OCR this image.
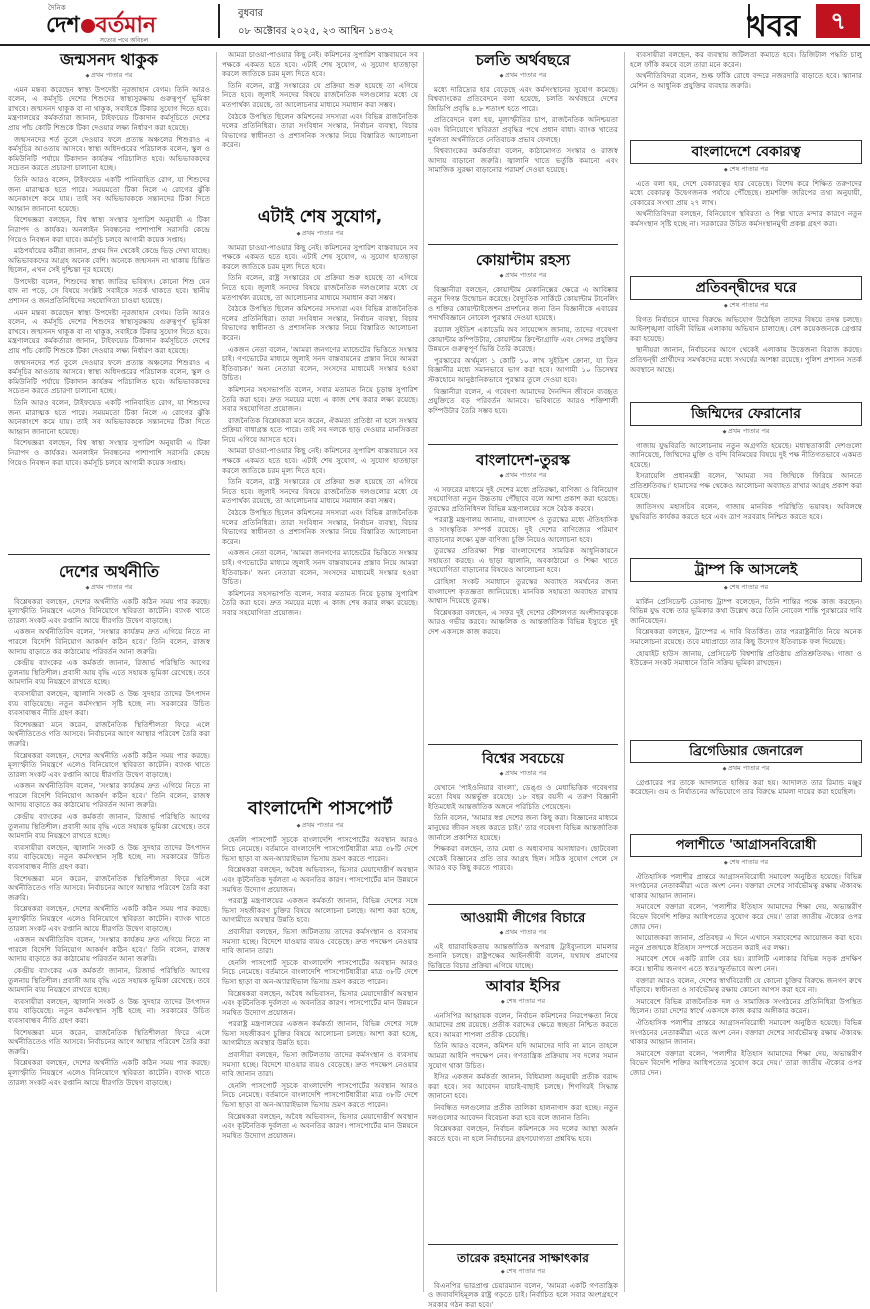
দৈনিক
দেশ বর্তমান
সত্যের পথে অবিচল
বুধবার
০৮ অক্টোবর ২০২৫, ২৩ আশ্বিন ১৪৩২	খবর	৭
জন্মসনদ থাকুক
◆ প্রথম পাতার পর

এমন মন্তব্য করেছেন স্বাস্থ্য উপদেষ্টা নূরজাহান বেগম। তিনি আরও বলেন, এ কর্মসূচি দেশের শিশুদের স্বাস্থ্যসুরক্ষায় গুরুত্বপূর্ণ ভূমিকা রাখবে। জন্মসনদ থাকুক বা না থাকুক, সবাইকে টিকার সুযোগ দিতে হবে। মন্ত্রণালয়ের কর্মকর্তারা জানান, টাইফয়েড টিকাদান কর্মসূচিতে দেশের প্রায় পাঁচ কোটি শিশুকে টিকা দেওয়ার লক্ষ্য নির্ধারণ করা হয়েছে।

জন্মসনদের শর্ত তুলে দেওয়ার ফলে প্রত্যন্ত অঞ্চলের শিশুরাও এ কর্মসূচির আওতায় আসবে। স্বাস্থ্য অধিদপ্তরের পরিচালক বলেন, স্কুল ও কমিউনিটি পর্যায়ে টিকাদান কার্যক্রম পরিচালিত হবে। অভিভাবকদের সচেতন করতে প্রচারণা চালানো হচ্ছে।

তিনি আরও বলেন, টাইফয়েড একটি পানিবাহিত রোগ, যা শিশুদের জন্য মারাত্মক হতে পারে। সময়মতো টিকা নিলে এ রোগের ঝুঁকি অনেকাংশে কমে যায়। তাই সব অভিভাবককে সন্তানদের টিকা দিতে আহ্বান জানানো হয়েছে।

বিশেষজ্ঞরা বলছেন, বিশ্ব স্বাস্থ্য সংস্থার সুপারিশ অনুযায়ী এ টিকা নিরাপদ ও কার্যকর। অনলাইন নিবন্ধনের পাশাপাশি সরাসরি কেন্দ্রে গিয়েও নিবন্ধন করা যাবে। কর্মসূচি চলবে আগামী কয়েক সপ্তাহ।

মাঠপর্যায়ের কর্মীরা জানান, প্রথম দিন থেকেই কেন্দ্রে ভিড় দেখা যাচ্ছে। অভিভাবকদের আগ্রহ অনেক বেশি। অনেকে জন্মসনদ না থাকায় চিন্তিত ছিলেন, এখন সেই দুশ্চিন্তা দূর হয়েছে।

উপদেষ্টা বলেন, শিশুদের স্বাস্থ্য জাতির ভবিষ্যৎ। কোনো শিশু যেন বাদ না পড়ে, সে বিষয়ে সংশ্লিষ্ট সবাইকে সতর্ক থাকতে হবে। স্থানীয় প্রশাসন ও জনপ্রতিনিধিদের সহযোগিতা চাওয়া হয়েছে।

এমন মন্তব্য করেছেন স্বাস্থ্য উপদেষ্টা নূরজাহান বেগম। তিনি আরও বলেন, এ কর্মসূচি দেশের শিশুদের স্বাস্থ্যসুরক্ষায় গুরুত্বপূর্ণ ভূমিকা রাখবে। জন্মসনদ থাকুক বা না থাকুক, সবাইকে টিকার সুযোগ দিতে হবে। মন্ত্রণালয়ের কর্মকর্তারা জানান, টাইফয়েড টিকাদান কর্মসূচিতে দেশের প্রায় পাঁচ কোটি শিশুকে টিকা দেওয়ার লক্ষ্য নির্ধারণ করা হয়েছে।

জন্মসনদের শর্ত তুলে দেওয়ার ফলে প্রত্যন্ত অঞ্চলের শিশুরাও এ কর্মসূচির আওতায় আসবে। স্বাস্থ্য অধিদপ্তরের পরিচালক বলেন, স্কুল ও কমিউনিটি পর্যায়ে টিকাদান কার্যক্রম পরিচালিত হবে। অভিভাবকদের সচেতন করতে প্রচারণা চালানো হচ্ছে।

তিনি আরও বলেন, টাইফয়েড একটি পানিবাহিত রোগ, যা শিশুদের জন্য মারাত্মক হতে পারে। সময়মতো টিকা নিলে এ রোগের ঝুঁকি অনেকাংশে কমে যায়। তাই সব অভিভাবককে সন্তানদের টিকা দিতে আহ্বান জানানো হয়েছে।

বিশেষজ্ঞরা বলছেন, বিশ্ব স্বাস্থ্য সংস্থার সুপারিশ অনুযায়ী এ টিকা নিরাপদ ও কার্যকর। অনলাইন নিবন্ধনের পাশাপাশি সরাসরি কেন্দ্রে গিয়েও নিবন্ধন করা যাবে। কর্মসূচি চলবে আগামী কয়েক সপ্তাহ।

দেশের অর্থনীতি
◆ প্রথম পাতার পর

বিশ্লেষকরা বলছেন, দেশের অর্থনীতি একটি কঠিন সময় পার করছে। মূল্যস্ফীতি নিয়ন্ত্রণে এলেও বিনিয়োগে স্থবিরতা কাটেনি। ব্যাংক খাতে তারল্য সংকট এবং রপ্তানি আয়ে ধীরগতি উদ্বেগ বাড়াচ্ছে।

একজন অর্থনীতিবিদ বলেন, 'সংস্কার কার্যক্রম দ্রুত এগিয়ে নিতে না পারলে বিদেশি বিনিয়োগ আকর্ষণ কঠিন হবে।' তিনি বলেন, রাজস্ব আদায় বাড়াতে কর কাঠামোয় পরিবর্তন আনা জরুরি।

কেন্দ্রীয় ব্যাংকের এক কর্মকর্তা জানান, রিজার্ভ পরিস্থিতি আগের তুলনায় স্থিতিশীল। প্রবাসী আয় বৃদ্ধি এতে সহায়ক ভূমিকা রেখেছে। তবে আমদানি ব্যয় নিয়ন্ত্রণে রাখতে হচ্ছে।

ব্যবসায়ীরা বলছেন, জ্বালানি সংকট ও উচ্চ সুদহার তাদের উৎপাদন ব্যয় বাড়িয়েছে। নতুন কর্মসংস্থান সৃষ্টি হচ্ছে না। সরকারের উচিত ব্যবসাবান্ধব নীতি গ্রহণ করা।

বিশেষজ্ঞরা মনে করেন, রাজনৈতিক স্থিতিশীলতা ফিরে এলে অর্থনীতিতেও গতি আসবে। নির্বাচনের আগে আস্থার পরিবেশ তৈরি করা জরুরি।

বিশ্লেষকরা বলছেন, দেশের অর্থনীতি একটি কঠিন সময় পার করছে। মূল্যস্ফীতি নিয়ন্ত্রণে এলেও বিনিয়োগে স্থবিরতা কাটেনি। ব্যাংক খাতে তারল্য সংকট এবং রপ্তানি আয়ে ধীরগতি উদ্বেগ বাড়াচ্ছে।

একজন অর্থনীতিবিদ বলেন, 'সংস্কার কার্যক্রম দ্রুত এগিয়ে নিতে না পারলে বিদেশি বিনিয়োগ আকর্ষণ কঠিন হবে।' তিনি বলেন, রাজস্ব আদায় বাড়াতে কর কাঠামোয় পরিবর্তন আনা জরুরি।

কেন্দ্রীয় ব্যাংকের এক কর্মকর্তা জানান, রিজার্ভ পরিস্থিতি আগের তুলনায় স্থিতিশীল। প্রবাসী আয় বৃদ্ধি এতে সহায়ক ভূমিকা রেখেছে। তবে আমদানি ব্যয় নিয়ন্ত্রণে রাখতে হচ্ছে।

ব্যবসায়ীরা বলছেন, জ্বালানি সংকট ও উচ্চ সুদহার তাদের উৎপাদন ব্যয় বাড়িয়েছে। নতুন কর্মসংস্থান সৃষ্টি হচ্ছে না। সরকারের উচিত ব্যবসাবান্ধব নীতি গ্রহণ করা।

বিশেষজ্ঞরা মনে করেন, রাজনৈতিক স্থিতিশীলতা ফিরে এলে অর্থনীতিতেও গতি আসবে। নির্বাচনের আগে আস্থার পরিবেশ তৈরি করা জরুরি।

বিশ্লেষকরা বলছেন, দেশের অর্থনীতি একটি কঠিন সময় পার করছে। মূল্যস্ফীতি নিয়ন্ত্রণে এলেও বিনিয়োগে স্থবিরতা কাটেনি। ব্যাংক খাতে তারল্য সংকট এবং রপ্তানি আয়ে ধীরগতি উদ্বেগ বাড়াচ্ছে।

একজন অর্থনীতিবিদ বলেন, 'সংস্কার কার্যক্রম দ্রুত এগিয়ে নিতে না পারলে বিদেশি বিনিয়োগ আকর্ষণ কঠিন হবে।' তিনি বলেন, রাজস্ব আদায় বাড়াতে কর কাঠামোয় পরিবর্তন আনা জরুরি।

কেন্দ্রীয় ব্যাংকের এক কর্মকর্তা জানান, রিজার্ভ পরিস্থিতি আগের তুলনায় স্থিতিশীল। প্রবাসী আয় বৃদ্ধি এতে সহায়ক ভূমিকা রেখেছে। তবে আমদানি ব্যয় নিয়ন্ত্রণে রাখতে হচ্ছে।

ব্যবসায়ীরা বলছেন, জ্বালানি সংকট ও উচ্চ সুদহার তাদের উৎপাদন ব্যয় বাড়িয়েছে। নতুন কর্মসংস্থান সৃষ্টি হচ্ছে না। সরকারের উচিত ব্যবসাবান্ধব নীতি গ্রহণ করা।

বিশেষজ্ঞরা মনে করেন, রাজনৈতিক স্থিতিশীলতা ফিরে এলে অর্থনীতিতেও গতি আসবে। নির্বাচনের আগে আস্থার পরিবেশ তৈরি করা জরুরি।

বিশ্লেষকরা বলছেন, দেশের অর্থনীতি একটি কঠিন সময় পার করছে। মূল্যস্ফীতি নিয়ন্ত্রণে এলেও বিনিয়োগে স্থবিরতা কাটেনি। ব্যাংক খাতে তারল্য সংকট এবং রপ্তানি আয়ে ধীরগতি উদ্বেগ বাড়াচ্ছে।

আমরা চাওয়া-পাওয়ার কিছু নেই। কমিশনের সুপারিশ বাস্তবায়নে সব পক্ষকে একমত হতে হবে। এটাই শেষ সুযোগ, এ সুযোগ হাতছাড়া করলে জাতিকে চরম মূল্য দিতে হবে।

তিনি বলেন, রাষ্ট্র সংস্কারের যে প্রক্রিয়া শুরু হয়েছে তা এগিয়ে নিতে হবে। জুলাই সনদের বিষয়ে রাজনৈতিক দলগুলোর মধ্যে যে মতপার্থক্য রয়েছে, তা আলোচনার মাধ্যমে সমাধান করা সম্ভব।

বৈঠকে উপস্থিত ছিলেন কমিশনের সদস্যরা এবং বিভিন্ন রাজনৈতিক দলের প্রতিনিধিরা। তারা সংবিধান সংস্কার, নির্বাচন ব্যবস্থা, বিচার বিভাগের স্বাধীনতা ও প্রশাসনিক সংস্কার নিয়ে বিস্তারিত আলোচনা করেন।

এটাই শেষ সুযোগ,
◆ প্রথম পাতার পর

আমরা চাওয়া-পাওয়ার কিছু নেই। কমিশনের সুপারিশ বাস্তবায়নে সব পক্ষকে একমত হতে হবে। এটাই শেষ সুযোগ, এ সুযোগ হাতছাড়া করলে জাতিকে চরম মূল্য দিতে হবে।

তিনি বলেন, রাষ্ট্র সংস্কারের যে প্রক্রিয়া শুরু হয়েছে তা এগিয়ে নিতে হবে। জুলাই সনদের বিষয়ে রাজনৈতিক দলগুলোর মধ্যে যে মতপার্থক্য রয়েছে, তা আলোচনার মাধ্যমে সমাধান করা সম্ভব।

বৈঠকে উপস্থিত ছিলেন কমিশনের সদস্যরা এবং বিভিন্ন রাজনৈতিক দলের প্রতিনিধিরা। তারা সংবিধান সংস্কার, নির্বাচন ব্যবস্থা, বিচার বিভাগের স্বাধীনতা ও প্রশাসনিক সংস্কার নিয়ে বিস্তারিত আলোচনা করেন।

একজন নেতা বলেন, 'আমরা জনগণের ম্যান্ডেটের ভিত্তিতে সংস্কার চাই। গণভোটের মাধ্যমে জুলাই সনদ বাস্তবায়নের প্রস্তাব নিয়ে আমরা ইতিবাচক।' অন্য নেতারা বলেন, সংসদের মাধ্যমেই সংস্কার হওয়া উচিত।

কমিশনের সহসভাপতি বলেন, সবার মতামত নিয়ে চূড়ান্ত সুপারিশ তৈরি করা হবে। দ্রুত সময়ের মধ্যে এ কাজ শেষ করার লক্ষ্য রয়েছে। সবার সহযোগিতা প্রয়োজন।

রাজনৈতিক বিশ্লেষকরা মনে করেন, ঐকমত্য প্রতিষ্ঠা না হলে সংস্কার প্রক্রিয়া বাধাগ্রস্ত হতে পারে। তাই সব দলকে ছাড় দেওয়ার মানসিকতা নিয়ে এগিয়ে আসতে হবে।

আমরা চাওয়া-পাওয়ার কিছু নেই। কমিশনের সুপারিশ বাস্তবায়নে সব পক্ষকে একমত হতে হবে। এটাই শেষ সুযোগ, এ সুযোগ হাতছাড়া করলে জাতিকে চরম মূল্য দিতে হবে।

তিনি বলেন, রাষ্ট্র সংস্কারের যে প্রক্রিয়া শুরু হয়েছে তা এগিয়ে নিতে হবে। জুলাই সনদের বিষয়ে রাজনৈতিক দলগুলোর মধ্যে যে মতপার্থক্য রয়েছে, তা আলোচনার মাধ্যমে সমাধান করা সম্ভব।

বৈঠকে উপস্থিত ছিলেন কমিশনের সদস্যরা এবং বিভিন্ন রাজনৈতিক দলের প্রতিনিধিরা। তারা সংবিধান সংস্কার, নির্বাচন ব্যবস্থা, বিচার বিভাগের স্বাধীনতা ও প্রশাসনিক সংস্কার নিয়ে বিস্তারিত আলোচনা করেন।

একজন নেতা বলেন, 'আমরা জনগণের ম্যান্ডেটের ভিত্তিতে সংস্কার চাই। গণভোটের মাধ্যমে জুলাই সনদ বাস্তবায়নের প্রস্তাব নিয়ে আমরা ইতিবাচক।' অন্য নেতারা বলেন, সংসদের মাধ্যমেই সংস্কার হওয়া উচিত।

কমিশনের সহসভাপতি বলেন, সবার মতামত নিয়ে চূড়ান্ত সুপারিশ তৈরি করা হবে। দ্রুত সময়ের মধ্যে এ কাজ শেষ করার লক্ষ্য রয়েছে। সবার সহযোগিতা প্রয়োজন।

বাংলাদেশি পাসপোর্ট
◆ প্রথম পাতার পর

হেনলি পাসপোর্ট সূচকে বাংলাদেশি পাসপোর্টের অবস্থান আরও নিচে নেমেছে। বর্তমানে বাংলাদেশি পাসপোর্টধারীরা মাত্র ৩৮টি দেশে ভিসা ছাড়া বা অন-অ্যারাইভাল ভিসায় ভ্রমণ করতে পারেন।

বিশ্লেষকরা বলছেন, অবৈধ অভিবাসন, ভিসার মেয়াদোত্তীর্ণ অবস্থান এবং কূটনৈতিক দুর্বলতা এ অবনতির কারণ। পাসপোর্টের মান উন্নয়নে সমন্বিত উদ্যোগ প্রয়োজন।

পররাষ্ট্র মন্ত্রণালয়ের একজন কর্মকর্তা জানান, বিভিন্ন দেশের সঙ্গে ভিসা সহজীকরণ চুক্তির বিষয়ে আলোচনা চলছে। আশা করা হচ্ছে, আগামীতে অবস্থার উন্নতি হবে।

প্রবাসীরা বলছেন, ভিসা জটিলতায় তাদের কর্মসংস্থান ও ব্যবসায় সমস্যা হচ্ছে। বিদেশে যাওয়ার ব্যয়ও বেড়েছে। দ্রুত পদক্ষেপ নেওয়ার দাবি জানান তারা।

হেনলি পাসপোর্ট সূচকে বাংলাদেশি পাসপোর্টের অবস্থান আরও নিচে নেমেছে। বর্তমানে বাংলাদেশি পাসপোর্টধারীরা মাত্র ৩৮টি দেশে ভিসা ছাড়া বা অন-অ্যারাইভাল ভিসায় ভ্রমণ করতে পারেন।

বিশ্লেষকরা বলছেন, অবৈধ অভিবাসন, ভিসার মেয়াদোত্তীর্ণ অবস্থান এবং কূটনৈতিক দুর্বলতা এ অবনতির কারণ। পাসপোর্টের মান উন্নয়নে সমন্বিত উদ্যোগ প্রয়োজন।

পররাষ্ট্র মন্ত্রণালয়ের একজন কর্মকর্তা জানান, বিভিন্ন দেশের সঙ্গে ভিসা সহজীকরণ চুক্তির বিষয়ে আলোচনা চলছে। আশা করা হচ্ছে, আগামীতে অবস্থার উন্নতি হবে।

প্রবাসীরা বলছেন, ভিসা জটিলতায় তাদের কর্মসংস্থান ও ব্যবসায় সমস্যা হচ্ছে। বিদেশে যাওয়ার ব্যয়ও বেড়েছে। দ্রুত পদক্ষেপ নেওয়ার দাবি জানান তারা।

হেনলি পাসপোর্ট সূচকে বাংলাদেশি পাসপোর্টের অবস্থান আরও নিচে নেমেছে। বর্তমানে বাংলাদেশি পাসপোর্টধারীরা মাত্র ৩৮টি দেশে ভিসা ছাড়া বা অন-অ্যারাইভাল ভিসায় ভ্রমণ করতে পারেন।

বিশ্লেষকরা বলছেন, অবৈধ অভিবাসন, ভিসার মেয়াদোত্তীর্ণ অবস্থান এবং কূটনৈতিক দুর্বলতা এ অবনতির কারণ। পাসপোর্টের মান উন্নয়নে সমন্বিত উদ্যোগ প্রয়োজন।

চলতি অর্থবছরে
◆ প্রথম পাতার পর

মধ্যে দারিদ্র্যের হার বেড়েছে এবং কর্মসংস্থানের সুযোগ কমেছে। বিশ্বব্যাংকের প্রতিবেদনে বলা হয়েছে, চলতি অর্থবছরে দেশের জিডিপি প্রবৃদ্ধি ৪.৮ শতাংশ হতে পারে।

প্রতিবেদনে বলা হয়, মূল্যস্ফীতির চাপ, রাজনৈতিক অনিশ্চয়তা এবং বিনিয়োগে স্থবিরতা প্রবৃদ্ধির পথে প্রধান বাধা। ব্যাংক খাতের দুর্বলতা অর্থনীতিতে নেতিবাচক প্রভাব ফেলছে।

বিশ্বব্যাংকের কর্মকর্তারা বলেন, কাঠামোগত সংস্কার ও রাজস্ব আদায় বাড়ানো জরুরি। জ্বালানি খাতে ভর্তুকি কমানো এবং সামাজিক সুরক্ষা বাড়ানোর পরামর্শ দেওয়া হয়েছে।

কোয়ান্টাম রহস্য
◆ প্রথম পাতার পর

বিজ্ঞানীরা বলছেন, কোয়ান্টাম মেকানিক্সের ক্ষেত্রে এ আবিষ্কার নতুন দিগন্ত উন্মোচন করেছে। বৈদ্যুতিক সার্কিটে কোয়ান্টাম টানেলিং ও শক্তির কোয়ান্টাইজেশন প্রদর্শনের জন্য তিন বিজ্ঞানীকে এবারের পদার্থবিজ্ঞানে নোবেল পুরস্কার দেওয়া হয়েছে।

রয়্যাল সুইডিশ একাডেমি অব সায়েন্সেস জানায়, তাদের গবেষণা কোয়ান্টাম কম্পিউটার, কোয়ান্টাম ক্রিপ্টোগ্রাফি এবং সেন্সর প্রযুক্তির উন্নয়নে গুরুত্বপূর্ণ ভিত্তি তৈরি করেছে।

পুরস্কারের অর্থমূল্য ১ কোটি ১০ লাখ সুইডিশ ক্রোনা, যা তিন বিজ্ঞানীর মধ্যে সমানভাবে ভাগ করা হবে। আগামী ১০ ডিসেম্বর স্টকহোমে আনুষ্ঠানিকভাবে পুরস্কার তুলে দেওয়া হবে।

বিজ্ঞানীরা বলেন, এ গবেষণা আমাদের দৈনন্দিন জীবনে ব্যবহৃত প্রযুক্তিতে বড় পরিবর্তন আনবে। ভবিষ্যতে আরও শক্তিশালী কম্পিউটার তৈরি সম্ভব হবে।

বাংলাদেশ-তুরস্ক
◆ প্রথম পাতার পর

এ সফরের মাধ্যমে দুই দেশের মধ্যে প্রতিরক্ষা, বাণিজ্য ও বিনিয়োগ সহযোগিতা নতুন উচ্চতায় পৌঁছাবে বলে আশা প্রকাশ করা হয়েছে। তুরস্কের প্রতিনিধিদল বিভিন্ন মন্ত্রণালয়ের সঙ্গে বৈঠক করবে।

পররাষ্ট্র মন্ত্রণালয় জানায়, বাংলাদেশ ও তুরস্কের মধ্যে ঐতিহাসিক ও সাংস্কৃতিক সম্পর্ক রয়েছে। দুই দেশের বাণিজ্যের পরিমাণ বাড়ানোর লক্ষ্যে মুক্ত বাণিজ্য চুক্তি নিয়েও আলোচনা হবে।

তুরস্কের প্রতিরক্ষা শিল্প বাংলাদেশের সামরিক আধুনিকায়নে সহায়তা করছে। এ ছাড়া জ্বালানি, অবকাঠামো ও শিক্ষা খাতে সহযোগিতা বাড়ানোর বিষয়েও আলোচনা হবে।

রোহিঙ্গা সংকট সমাধানে তুরস্কের অব্যাহত সমর্থনের জন্য বাংলাদেশ কৃতজ্ঞতা জানিয়েছে। মানবিক সহায়তা অব্যাহত রাখার আশ্বাস দিয়েছে তুরস্ক।

বিশ্লেষকরা বলছেন, এ সফর দুই দেশের কৌশলগত অংশীদারত্বকে আরও গভীর করবে। আঞ্চলিক ও আন্তর্জাতিক বিভিন্ন ইস্যুতে দুই দেশ একসঙ্গে কাজ করবে।

বিশ্বের সবচেয়ে
◆ প্রথম পাতার পর

যেখানে 'পাইওনিয়ার বাংলা', ডেঙ্গু ও মেধাভিত্তিক গবেষণার মতো বিষয় অন্তর্ভুক্ত রয়েছে। ১৮ বছর বয়সী এ তরুণ বিজ্ঞানী ইতিমধ্যেই আন্তর্জাতিক অঙ্গনে পরিচিতি পেয়েছেন।

তিনি বলেন, 'আমার স্বপ্ন দেশের জন্য কিছু করা। বিজ্ঞানের মাধ্যমে মানুষের জীবন সহজ করতে চাই।' তার গবেষণা বিভিন্ন আন্তর্জাতিক জার্নালে প্রকাশিত হয়েছে।

শিক্ষকরা বলছেন, তার মেধা ও অধ্যবসায় অসাধারণ। ছোটবেলা থেকেই বিজ্ঞানের প্রতি তার আগ্রহ ছিল। সঠিক সুযোগ পেলে সে আরও বড় কিছু করতে পারবে।

আওয়ামী লীগের বিচারে
◆ প্রথম পাতার পর

এই ধারাবাহিকতায় আন্তর্জাতিক অপরাধ ট্রাইব্যুনালে মামলার শুনানি চলছে। রাষ্ট্রপক্ষের আইনজীবী বলেন, যথাযথ প্রমাণের ভিত্তিতে বিচার প্রক্রিয়া এগিয়ে যাচ্ছে।

আবার ইসির
◆ শেষ পাতার পর

এনসিপির আহ্বায়ক বলেন, নির্বাচন কমিশনের নিরপেক্ষতা নিয়ে আমাদের প্রশ্ন রয়েছে। প্রতীক বরাদ্দের ক্ষেত্রে স্বচ্ছতা নিশ্চিত করতে হবে। আমরা শাপলা প্রতীক চেয়েছি।

তিনি আরও বলেন, কমিশন যদি আমাদের দাবি না মানে তাহলে আমরা আইনি পদক্ষেপ নেব। গণতান্ত্রিক প্রক্রিয়ায় সব দলের সমান সুযোগ থাকা উচিত।

ইসির একজন কর্মকর্তা জানান, বিধিমালা অনুযায়ী প্রতীক বরাদ্দ করা হবে। সব আবেদন যাচাই-বাছাই চলছে। শিগগিরই সিদ্ধান্ত জানানো হবে।

নিবন্ধিত দলগুলোর প্রতীক তালিকা হালনাগাদ করা হচ্ছে। নতুন দলগুলোর আবেদন বিবেচনা করা হবে বলে জানান তিনি।

বিশ্লেষকরা বলছেন, নির্বাচন কমিশনকে সব দলের আস্থা অর্জন করতে হবে। না হলে নির্বাচনের গ্রহণযোগ্যতা প্রশ্নবিদ্ধ হবে।

তারেক রহমানের সাক্ষাৎকার
◆ শেষ পাতার পর

বিএনপির ভারপ্রাপ্ত চেয়ারম্যান বলেন, 'আমরা একটি গণতান্ত্রিক ও জবাবদিহিমূলক রাষ্ট্র গড়তে চাই। নির্বাচিত হলে সবার অংশগ্রহণে সরকার গঠন করা হবে।'

ব্যবসায়ীরা বলছেন, কর ব্যবস্থায় জটিলতা কমাতে হবে। ডিজিটাল পদ্ধতি চালু হলে ফাঁকি কমবে বলে তারা মনে করেন।

অর্থনীতিবিদরা বলেন, শুল্ক ফাঁকি রোধে বন্দরে নজরদারি বাড়াতে হবে। স্ক্যানার মেশিন ও আধুনিক প্রযুক্তির ব্যবহার জরুরি।

বাংলাদেশে বেকারত্ব
◆ শেষ পাতার পর

এতে বলা হয়, দেশে বেকারত্বের হার বেড়েছে। বিশেষ করে শিক্ষিত তরুণদের মধ্যে বেকারত্ব উদ্বেগজনক পর্যায়ে পৌঁছেছে। শ্রমশক্তি জরিপের তথ্য অনুযায়ী, বেকারের সংখ্যা প্রায় ২৭ লাখ।

অর্থনীতিবিদরা বলছেন, বিনিয়োগে স্থবিরতা ও শিল্প খাতে মন্দার কারণে নতুন কর্মসংস্থান সৃষ্টি হচ্ছে না। সরকারের উচিত কর্মসংস্থানমুখী প্রকল্প গ্রহণ করা।

প্রতিবন্দ্বীদের ঘরে
◆ শেষ পাতার পর

বিগত নির্বাচনে যাদের বিরুদ্ধে অভিযোগ উঠেছিল তাদের বিষয়ে তদন্ত চলছে। আইনশৃঙ্খলা বাহিনী বিভিন্ন এলাকায় অভিযান চালাচ্ছে। বেশ কয়েকজনকে গ্রেপ্তার করা হয়েছে।

স্থানীয়রা জানান, নির্বাচনের আগে থেকেই এলাকায় উত্তেজনা বিরাজ করছে। প্রতিদ্বন্দ্বী প্রার্থীদের সমর্থকদের মধ্যে সংঘর্ষের আশঙ্কা রয়েছে। পুলিশ প্রশাসন সতর্ক অবস্থানে আছে।

জিম্মিদের ফেরানোর
◆ প্রথম পাতার পর

গাজায় যুদ্ধবিরতি আলোচনায় নতুন অগ্রগতি হয়েছে। মধ্যস্থতাকারী দেশগুলো জানিয়েছে, জিম্মিদের মুক্তি ও বন্দি বিনিময়ের বিষয়ে দুই পক্ষ নীতিগতভাবে একমত হয়েছে।

ইসরায়েলি প্রধানমন্ত্রী বলেন, 'আমরা সব জিম্মিকে ফিরিয়ে আনতে প্রতিশ্রুতিবদ্ধ।' হামাসের পক্ষ থেকেও আলোচনা অব্যাহত রাখার আগ্রহ প্রকাশ করা হয়েছে।

জাতিসংঘ মহাসচিব বলেন, গাজায় মানবিক পরিস্থিতি ভয়াবহ। অবিলম্বে যুদ্ধবিরতি কার্যকর করতে হবে এবং ত্রাণ সরবরাহ নিশ্চিত করতে হবে।

ট্রাম্প কি আসলেই
◆ শেষ পাতার পর

মার্কিন প্রেসিডেন্ট ডোনাল্ড ট্রাম্প বলেছেন, তিনি শান্তির পক্ষে কাজ করছেন। বিভিন্ন যুদ্ধ বন্ধে তার ভূমিকার কথা উল্লেখ করে তিনি নোবেল শান্তি পুরস্কারের দাবি জানিয়েছেন।

বিশ্লেষকরা বলছেন, ট্রাম্পের এ দাবি বিতর্কিত। তার পররাষ্ট্রনীতি নিয়ে অনেক সমালোচনা রয়েছে। তবে মধ্যপ্রাচ্যে তার কিছু উদ্যোগ ইতিবাচক ফল দিয়েছে।

হোয়াইট হাউস জানায়, প্রেসিডেন্ট বিশ্বশান্তি প্রতিষ্ঠায় প্রতিশ্রুতিবদ্ধ। গাজা ও ইউক্রেন সংকট সমাধানে তিনি সক্রিয় ভূমিকা রাখছেন।

ব্রিগেডিয়ার জেনারেল
◆ প্রথম পাতার পর

গ্রেপ্তারের পর তাকে আদালতে হাজির করা হয়। আদালত তার রিমান্ড মঞ্জুর করেছেন। গুম ও নির্যাতনের অভিযোগে তার বিরুদ্ধে মামলা দায়ের করা হয়েছিল।

পলাশীতে 'আগ্রাসনবিরোধী
◆ শেষ পাতার পর

ঐতিহাসিক পলাশীর প্রান্তরে আগ্রাসনবিরোধী সমাবেশ অনুষ্ঠিত হয়েছে। বিভিন্ন সংগঠনের নেতাকর্মীরা এতে অংশ নেন। বক্তারা দেশের সার্বভৌমত্ব রক্ষায় ঐক্যবদ্ধ থাকার আহ্বান জানান।

সমাবেশে বক্তারা বলেন, 'পলাশীর ইতিহাস আমাদের শিক্ষা দেয়, অভ্যন্তরীণ বিভেদ বিদেশি শক্তির আধিপত্যের সুযোগ করে দেয়।' তারা জাতীয় ঐক্যের ওপর জোর দেন।

আয়োজকরা জানান, প্রতিবছর এ দিনে এখানে সমাবেশের আয়োজন করা হবে। নতুন প্রজন্মকে ইতিহাস সম্পর্কে সচেতন করাই এর লক্ষ্য।

সমাবেশ শেষে একটি র‍্যালি বের হয়। র‍্যালিটি এলাকার বিভিন্ন সড়ক প্রদক্ষিণ করে। স্থানীয় জনগণ এতে স্বতঃস্ফূর্তভাবে অংশ নেন।

বক্তারা আরও বলেন, দেশের স্বার্থবিরোধী যে কোনো চুক্তির বিরুদ্ধে জনগণ রুখে দাঁড়াবে। স্বাধীনতা ও সার্বভৌমত্ব রক্ষায় কোনো আপস করা হবে না।

সমাবেশে বিভিন্ন রাজনৈতিক দল ও সামাজিক সংগঠনের প্রতিনিধিরা উপস্থিত ছিলেন। তারা দেশের স্বার্থে একসঙ্গে কাজ করার অঙ্গীকার করেন।

ঐতিহাসিক পলাশীর প্রান্তরে আগ্রাসনবিরোধী সমাবেশ অনুষ্ঠিত হয়েছে। বিভিন্ন সংগঠনের নেতাকর্মীরা এতে অংশ নেন। বক্তারা দেশের সার্বভৌমত্ব রক্ষায় ঐক্যবদ্ধ থাকার আহ্বান জানান।

সমাবেশে বক্তারা বলেন, 'পলাশীর ইতিহাস আমাদের শিক্ষা দেয়, অভ্যন্তরীণ বিভেদ বিদেশি শক্তির আধিপত্যের সুযোগ করে দেয়।' তারা জাতীয় ঐক্যের ওপর জোর দেন।
